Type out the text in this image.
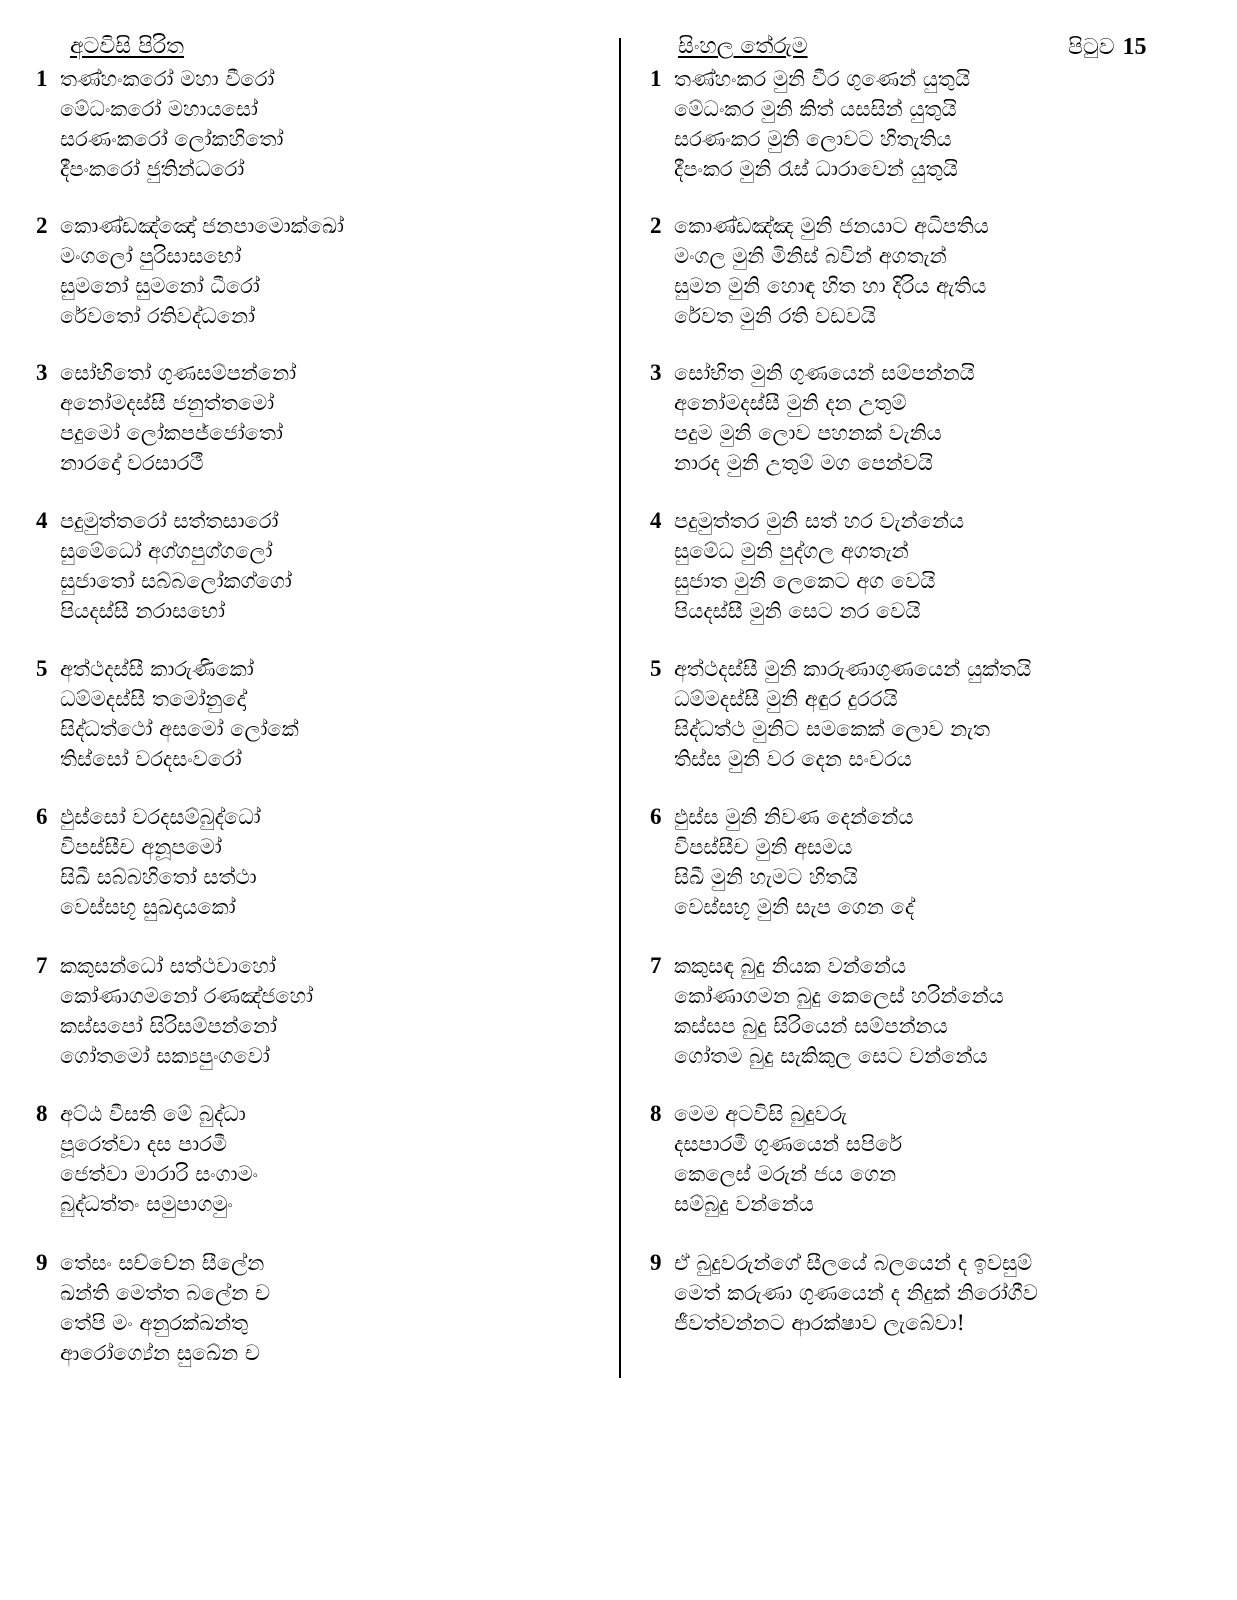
අටවිසි පිරිත
1 තණ්හංකරෝ මහා වීරෝ
මේධංකරෝ මහායසෝ
සරණංකරෝ ලෝකහිතෝ
දීපංකරෝ ජුතින්ධරෝ
2 කොණ්ඩඤ්ඤෝ ජනපාමොක්ඛෝ
මංගලෝ පුරිසාසභෝ
සුමනෝ සුමනෝ ධීරෝ
රේවතෝ රතිවද්ධනෝ
3 සෝභිතෝ ගුණසම්පන්නෝ
අනෝමදස්සී ජනුත්තමෝ
පදුමෝ ලෝකපජ්ජෝතෝ
නාරදෝ වරසාරථී
4 පදුමුත්තරෝ සත්තසාරෝ
සුමේධෝ අග්ගපුග්ගලෝ
සුජාතෝ සබ්බලෝකග්ගෝ
පියදස්සී නරාසභෝ
5 අත්ථදස්සී කාරුණිකෝ
ධම්මදස්සී තමෝනුදෝ
සිද්ධත්ථෝ අසමෝ ලෝකේ
තිස්සෝ වරදසංවරෝ
6 ඵුස්සෝ වරදසම්බුද්ධෝ
විපස්සීච අනූපමෝ
සිඛී සබ්බහිතෝ සත්ථා
වෙස්සභූ සුඛදායකෝ
7 කකුසන්ධෝ සත්ථවාහෝ
කෝණාගමනෝ රණඤ්ජහෝ
කස්සපෝ සිරිසම්පන්නෝ
ගෝතමෝ සක්‍යපුංගවෝ
8 අට්ඨ වීසති මේ බුද්ධා
පූරෙත්වා දස පාරමී
ජෙත්වා මාරාරි සංගාමං
බුද්ධත්තං සමුපාගමුං
9 තේසං සච්චේන සීලේන
ඛන්ති මෙත්ත බලේන ච
තේපි මං අනුරක්ඛන්තු
ආරෝග්‍යේන සුඛේන ච
සිංහල තේරුම
1 තණ්හංකර මුනි වීර ගුණෙන් යුතුයි
මේධංකර මුනි කිත් යසසින් යුතුයි
සරණංකර මුනි ලොවට හිතැතිය
දීපංකර මුනි රැස් ධාරාවෙන් යුතුයි
2 කොණ්ඩඤ්ඤ මුනි ජනයාට අධිපතිය
මංගල මුනි මිනිස් බවින් අගතැන්
සුමන මුනි හොඳ හිත හා දිරිය ඇතිය
රේවත මුනි රති වඩවයි
3 සෝභිත මුනි ගුණයෙන් සම්පන්නයි
අනෝමදස්සී මුනි දන උතුම්
පදුම මුනි ලොව පහනක් වැනිය
නාරද මුනි උතුම් මග පෙන්වයි
4 පදුමුත්තර මුනි සත් හර වැන්නේය
සුමේධ මුනි පුද්ගල අගතැන්
සුජාත මුනි ලෙකෙට අග වෙයි
පියදස්සී මුනි සෙට නර වෙයි
5 අත්ථදස්සී මුනි කාරුණාගුණයෙන් යුක්තයි
ධම්මදස්සී මුනි අඳුර දුරරයි
සිද්ධත්ථ මුනිට සමකෙක් ලොව නැත
තිස්ස මුනි වර දෙන සංවරය
6 ඵුස්ස මුනි නිවණ දෙන්නේය
විපස්සීච මුනි අසමය
සිඛී මුනි හැමට හිතයි
වෙස්සභූ මුනි සැප ගෙන දේ
7 කකුසඳ බුදු නියක වන්නේය
කෝණාගමන බුදු කෙලෙස් හරින්නේය
කස්සප බුදු සිරියෙන් සම්පන්නය
ගෝතම බුදු සැකිකුල සෙට වන්නේය
8 මෙම අටවිසි බුදුවරු
දසපාරමී ගුණයෙන් සපිරේ
කෙලෙස් මරුන් ජය ගෙන
සම්බුදු වන්නේය
9 ඒ බුදුවරුන්ගේ සීලයේ බලයෙන් ද ඉවසුම්
මෙත් කරුණා ගුණයෙන් ද නිදුක් නිරෝගීව
ජීවත්වන්නට ආරක්ෂාව ලැබේවා!
පිටුව 15
